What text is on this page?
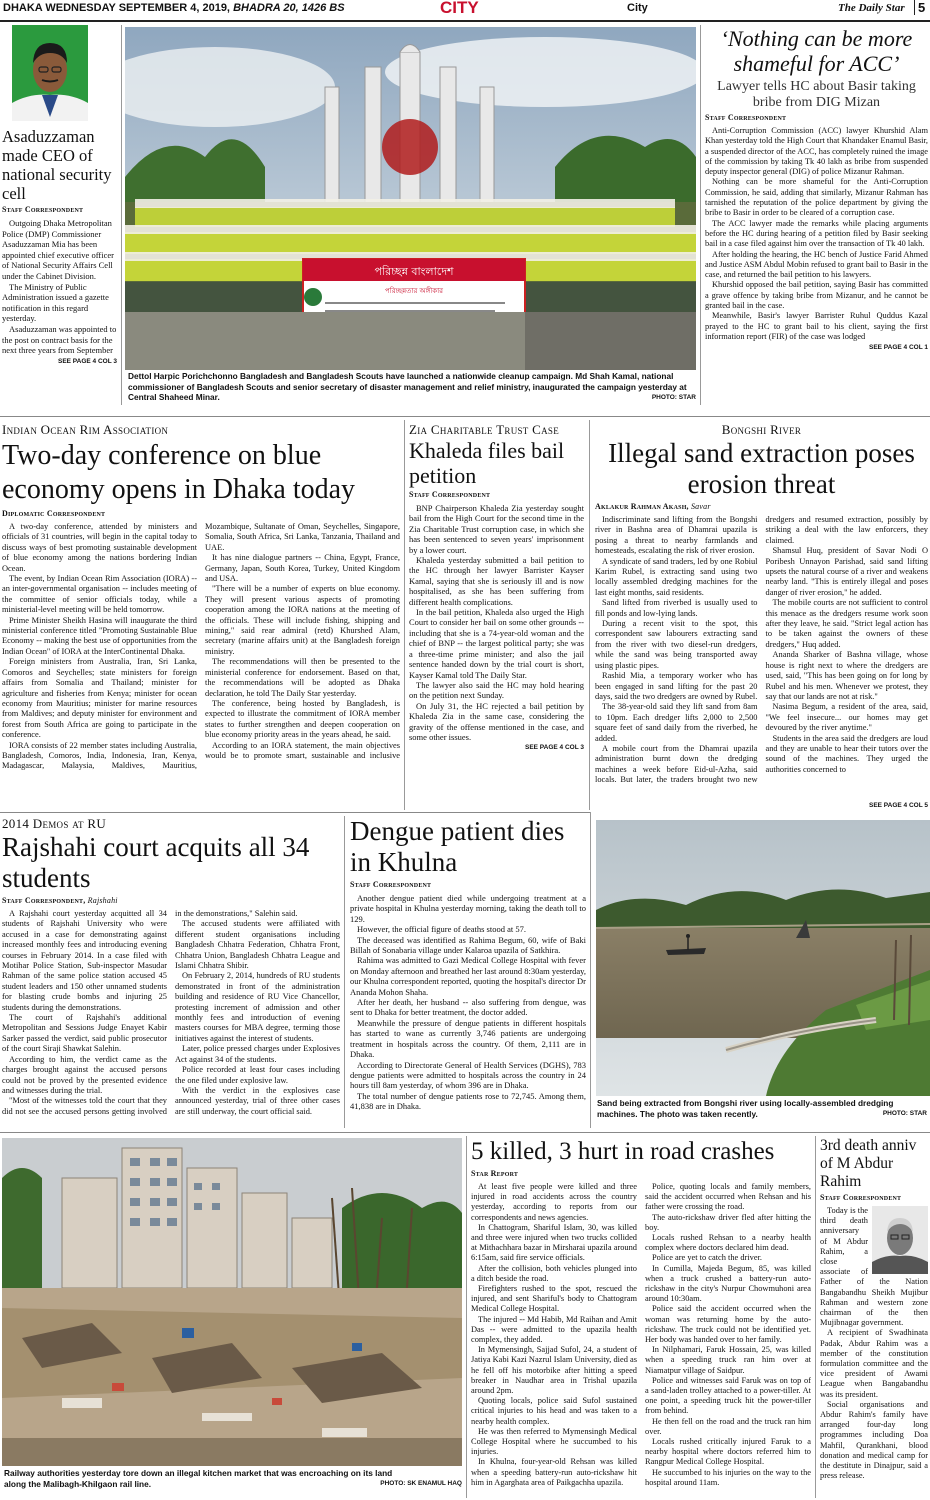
DHAKA WEDNESDAY SEPTEMBER 4, 2019, BHADRA 20, 1426 BS	CITY	City	The Daily Star	5
Asaduzzaman made CEO of national security cell
Staff Correspondent

Outgoing Dhaka Metropolitan Police (DMP) Commissioner Asaduzzaman Mia has been appointed chief executive officer of National Security Affairs Cell under the Cabinet Division.

The Ministry of Public Administration issued a gazette notification in this regard yesterday.

Asaduzzaman was appointed to the post on contract basis for the next three years from September

SEE PAGE 4 COL 3
পরিচ্ছন্ন বাংলাদেশ
পরিচ্ছন্নতার অঙ্গীকার
Dettol Harpic Porichchonno Bangladesh and Bangladesh Scouts have launched a nationwide cleanup campaign. Md Shah Kamal, national commissioner of Bangladesh Scouts and senior secretary of disaster management and relief ministry, inaugurated the campaign yesterday at Central Shaheed Minar.	PHOTO: STAR
‘Nothing can be more shameful for ACC’
Lawyer tells HC about Basir taking bribe from DIG Mizan
Staff Correspondent

Anti-Corruption Commission (ACC) lawyer Khurshid Alam Khan yesterday told the High Court that Khandaker Enamul Basir, a suspended director of the ACC, has completely ruined the image of the commission by taking Tk 40 lakh as bribe from suspended deputy inspector general (DIG) of police Mizanur Rahman.

Nothing can be more shameful for the Anti-Corruption Commission, he said, adding that similarly, Mizanur Rahman has tarnished the reputation of the police department by giving the bribe to Basir in order to be cleared of a corruption case.

The ACC lawyer made the remarks while placing arguments before the HC during hearing of a petition filed by Basir seeking bail in a case filed against him over the transaction of Tk 40 lakh.

After holding the hearing, the HC bench of Justice Farid Ahmed and Justice ASM Abdul Mobin refused to grant bail to Basir in the case, and returned the bail petition to his lawyers.

Khurshid opposed the bail petition, saying Basir has committed a grave offence by taking bribe from Mizanur, and he cannot be granted bail in the case.

Meanwhile, Basir's lawyer Barrister Ruhul Quddus Kazal prayed to the HC to grant bail to his client, saying the first information report (FIR) of the case was lodged

SEE PAGE 4 COL 1
Indian Ocean Rim Association
Two-day conference on blue economy opens in Dhaka today
Diplomatic Correspondent

A two-day conference, attended by ministers and officials of 31 countries, will begin in the capital today to discuss ways of best promoting sustainable development of blue economy among the nations bordering Indian Ocean.

The event, by Indian Ocean Rim Association (IORA) -- an inter-governmental organisation -- includes meeting of the committee of senior officials today, while a ministerial-level meeting will be held tomorrow.

Prime Minister Sheikh Hasina will inaugurate the third ministerial conference titled "Promoting Sustainable Blue Economy -- making the best use of opportunities from the Indian Ocean" of IORA at the InterContinental Dhaka.

Foreign ministers from Australia, Iran, Sri Lanka, Comoros and Seychelles; state ministers for foreign affairs from Somalia and Thailand; minister for agriculture and fisheries from Kenya; minister for ocean economy from Mauritius; minister for marine resources from Maldives; and deputy minister for environment and forest from South Africa are going to participate in the conference.

IORA consists of 22 member states including Australia, Bangladesh, Comoros, India, Indonesia, Iran, Kenya, Madagascar, Malaysia, Maldives, Mauritius, Mozambique, Sultanate of Oman, Seychelles, Singapore, Somalia, South Africa, Sri Lanka, Tanzania, Thailand and UAE.

It has nine dialogue partners -- China, Egypt, France, Germany, Japan, South Korea, Turkey, United Kingdom and USA.

"There will be a number of experts on blue economy. They will present various aspects of promoting cooperation among the IORA nations at the meeting of the officials. These will include fishing, shipping and mining," said rear admiral (retd) Khurshed Alam, secretary (marine affairs unit) at the Bangladesh foreign ministry.

The recommendations will then be presented to the ministerial conference for endorsement. Based on that, the recommendations will be adopted as Dhaka declaration, he told The Daily Star yesterday.

The conference, being hosted by Bangladesh, is expected to illustrate the commitment of IORA member states to further strengthen and deepen cooperation on blue economy priority areas in the years ahead, he said.

According to an IORA statement, the main objectives would be to promote smart, sustainable and inclusive

Zia Charitable Trust Case
Khaleda files bail petition
Staff Correspondent

BNP Chairperson Khaleda Zia yesterday sought bail from the High Court for the second time in the Zia Charitable Trust corruption case, in which she has been sentenced to seven years' imprisonment by a lower court.

Khaleda yesterday submitted a bail petition to the HC through her lawyer Barrister Kayser Kamal, saying that she is seriously ill and is now hospitalised, as she has been suffering from different health complications.

In the bail petition, Khaleda also urged the High Court to consider her bail on some other grounds -- including that she is a 74-year-old woman and the chief of BNP -- the largest political party; she was a three-time prime minister; and also the jail sentence handed down by the trial court is short, Kayser Kamal told The Daily Star.

The lawyer also said the HC may hold hearing on the petition next Sunday.

On July 31, the HC rejected a bail petition by Khaleda Zia in the same case, considering the gravity of the offense mentioned in the case, and some other issues.

SEE PAGE 4 COL 3
Bongshi River
Illegal sand extraction poses erosion threat
Aklakur Rahman Akash, Savar

Indiscriminate sand lifting from the Bongshi river in Bashna area of Dhamrai upazila is posing a threat to nearby farmlands and homesteads, escalating the risk of river erosion.

A syndicate of sand traders, led by one Robiul Karim Rubel, is extracting sand using two locally assembled dredging machines for the last eight months, said residents.

Sand lifted from riverbed is usually used to fill ponds and low-lying lands.

During a recent visit to the spot, this correspondent saw labourers extracting sand from the river with two diesel-run dredgers, while the sand was being transported away using plastic pipes.

Rashid Mia, a temporary worker who has been engaged in sand lifting for the past 20 days, said the two dredgers are owned by Rubel.

The 38-year-old said they lift sand from 8am to 10pm. Each dredger lifts 2,000 to 2,500 square feet of sand daily from the riverbed, he added.

A mobile court from the Dhamrai upazila administration burnt down the dredging machines a week before Eid-ul-Azha, said locals. But later, the traders brought two new dredgers and resumed extraction, possibly by striking a deal with the law enforcers, they claimed.

Shamsul Huq, president of Savar Nodi O Poribesh Unnayon Parishad, said sand lifting upsets the natural course of a river and weakens nearby land. "This is entirely illegal and poses danger of river erosion," he added.

The mobile courts are not sufficient to control this menace as the dredgers resume work soon after they leave, he said. "Strict legal action has to be taken against the owners of these dredgers," Huq added.

Ananda Sharker of Bashna village, whose house is right next to where the dredgers are used, said, "This has been going on for long by Rubel and his men. Whenever we protest, they say that our lands are not at risk."

Nasima Begum, a resident of the area, said, "We feel insecure... our homes may get devoured by the river anytime."

Students in the area said the dredgers are loud and they are unable to hear their tutors over the sound of the machines. They urged the authorities concerned to

SEE PAGE 4 COL 5
2014 Demos at RU
Rajshahi court acquits all 34 students
Staff Correspondent, Rajshahi

A Rajshahi court yesterday acquitted all 34 students of Rajshahi University who were accused in a case for demonstrating against increased monthly fees and introducing evening courses in February 2014. In a case filed with Motihar Police Station, Sub-inspector Masudar Rahman of the same police station accused 45 student leaders and 150 other unnamed students for blasting crude bombs and injuring 25 students during the demonstrations.

The court of Rajshahi's additional Metropolitan and Sessions Judge Enayet Kabir Sarker passed the verdict, said public prosecutor of the court Siraji Shawkat Salehin.

According to him, the verdict came as the charges brought against the accused persons could not be proved by the presented evidence and witnesses during the trial.

"Most of the witnesses told the court that they did not see the accused persons getting involved in the demonstrations," Salehin said.

The accused students were affiliated with different student organisations including Bangladesh Chhatra Federation, Chhatra Front, Chhatra Union, Bangladesh Chhatra League and Islami Chhatra Shibir.

On February 2, 2014, hundreds of RU students demonstrated in front of the administration building and residence of RU Vice Chancellor, protesting increment of admission and other monthly fees and introduction of evening masters courses for MBA degree, terming those initiatives against the interest of students.

Later, police pressed charges under Explosives Act against 34 of the students.

Police recorded at least four cases including the one filed under explosive law.

With the verdict in the explosives case announced yesterday, trial of three other cases are still underway, the court official said.

Dengue patient dies in Khulna
Staff Correspondent

Another dengue patient died while undergoing treatment at a private hospital in Khulna yesterday morning, taking the death toll to 129.

However, the official figure of deaths stood at 57.

The deceased was identified as Rahima Begum, 60, wife of Baki Billah of Sonabaria village under Kalaroa upazila of Satkhira.

Rahima was admitted to Gazi Medical College Hospital with fever on Monday afternoon and breathed her last around 8:30am yesterday, our Khulna correspondent reported, quoting the hospital's director Dr Ananda Mohon Shaha.

After her death, her husband -- also suffering from dengue, was sent to Dhaka for better treatment, the doctor added.

Meanwhile the pressure of dengue patients in different hospitals has started to wane as currently 3,746 patients are undergoing treatment in hospitals across the country. Of them, 2,111 are in Dhaka.

According to Directorate General of Health Services (DGHS), 783 dengue patients were admitted to hospitals across the country in 24 hours till 8am yesterday, of whom 396 are in Dhaka.

The total number of dengue patients rose to 72,745. Among them, 41,838 are in Dhaka.	Sand being extracted from Bongshi river using locally-assembled dredging machines. The photo was taken recently.	PHOTO: STAR
Railway authorities yesterday tore down an illegal kitchen market that was encroaching on its land along the Malibagh-Khilgaon rail line.	PHOTO: SK ENAMUL HAQ
5 killed, 3 hurt in road crashes
Star Report

At least five people were killed and three injured in road accidents across the country yesterday, according to reports from our correspondents and news agencies.

In Chattogram, Shariful Islam, 30, was killed and three were injured when two trucks collided at Mithachhara bazar in Mirsharai upazila around 6:15am, said fire service officials.

After the collision, both vehicles plunged into a ditch beside the road.

Firefighters rushed to the spot, rescued the injured, and sent Shariful's body to Chattogram Medical College Hospital.

The injured -- Md Habib, Md Raihan and Amit Das -- were admitted to the upazila health complex, they added.

In Mymensingh, Sajjad Sufol, 24, a student of Jatiya Kabi Kazi Nazrul Islam University, died as he fell off his motorbike after hitting a speed breaker in Naudhar area in Trishal upazila around 2pm.

Quoting locals, police said Sufol sustained critical injuries to his head and was taken to a nearby health complex.

He was then referred to Mymensingh Medical College Hospital where he succumbed to his injuries.

In Khulna, four-year-old Rehsan was killed when a speeding battery-run auto-rickshaw hit him in Agarghata area of Paikgachha upazila.

Police, quoting locals and family members, said the accident occurred when Rehsan and his father were crossing the road.

The auto-rickshaw driver fled after hitting the boy.

Locals rushed Rehsan to a nearby health complex where doctors declared him dead.

Police are yet to catch the driver.

In Cumilla, Majeda Begum, 85, was killed when a truck crushed a battery-run auto-rickshaw in the city's Nurpur Chowmuhoni area around 10:30am.

Police said the accident occurred when the woman was returning home by the auto-rickshaw. The truck could not be identified yet. Her body was handed over to her family.

In Nilphamari, Faruk Hossain, 25, was killed when a speeding truck ran him over at Niamatpur village of Saidpur.

Police and witnesses said Faruk was on top of a sand-laden trolley attached to a power-tiller. At one point, a speeding truck hit the power-tiller from behind.

He then fell on the road and the truck ran him over.

Locals rushed critically injured Faruk to a nearby hospital where doctors referred him to Rangpur Medical College Hospital.

He succumbed to his injuries on the way to the hospital around 11am.

3rd death anniv of M Abdur Rahim
Staff Correspondent

Today is the third death anniversary of M Abdur Rahim, a close associate of Father of the Nation Bangabandhu Sheikh Mujibur Rahman and western zone chairman of the then Mujibnagar government.

A recipient of Swadhinata Padak, Abdur Rahim was a member of the constitution formulation committee and the vice president of Awami League when Bangabandhu was its president.

Social organisations and Abdur Rahim's family have arranged four-day long programmes including Doa Mahfil, Qurankhani, blood donation and medical camp for the destitute in Dinajpur, said a press release.
